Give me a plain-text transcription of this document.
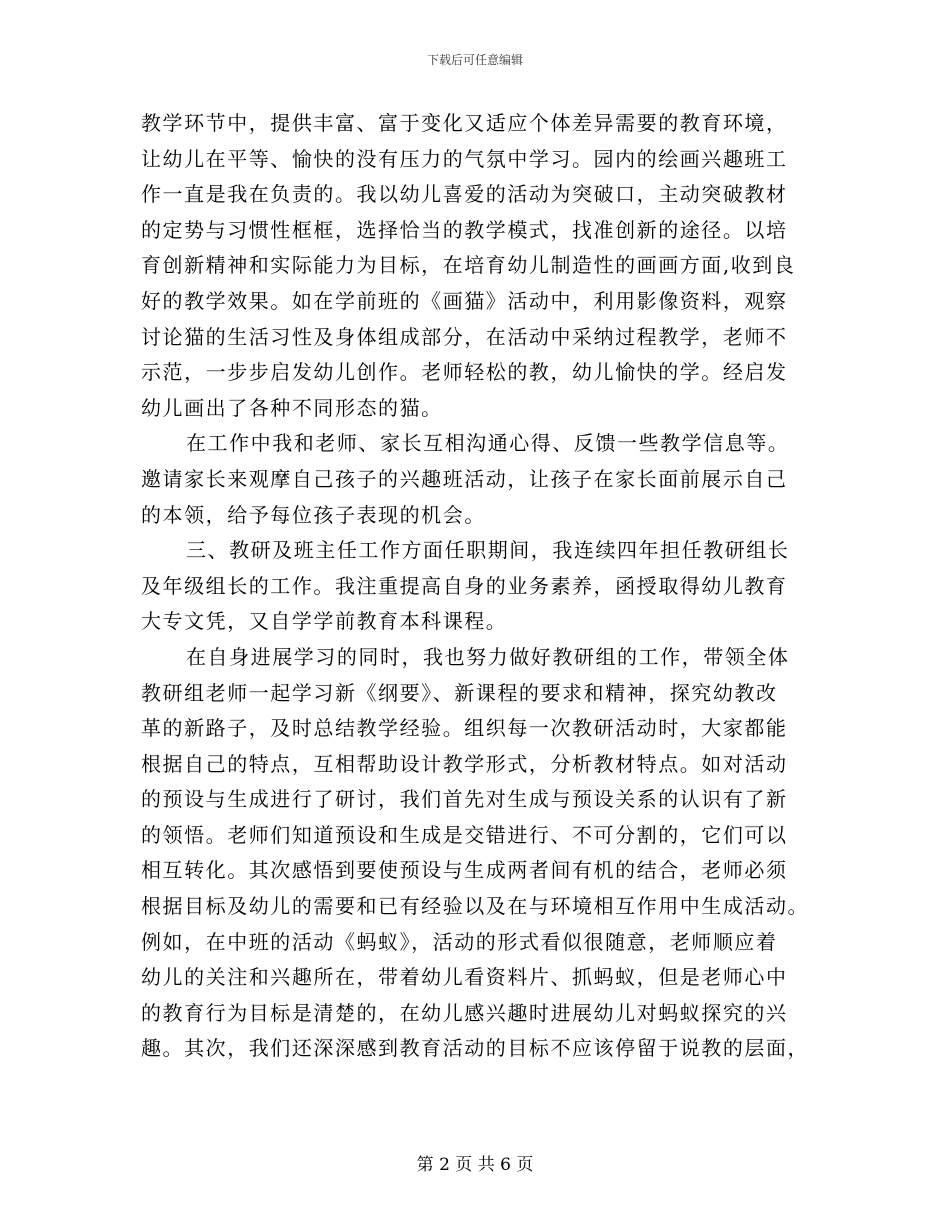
下载后可任意编辑
教学环节中，提供丰富、富于变化又适应个体差异需要的教育环境，
让幼儿在平等、愉快的没有压力的气氛中学习。园内的绘画兴趣班工
作一直是我在负责的。我以幼儿喜爱的活动为突破口，主动突破教材
的定势与习惯性框框，选择恰当的教学模式，找准创新的途径。以培
育创新精神和实际能力为目标，在培育幼儿制造性的画画方面,收到良
好的教学效果。如在学前班的《画猫》活动中，利用影像资料，观察
讨论猫的生活习性及身体组成部分，在活动中采纳过程教学，老师不
示范，一步步启发幼儿创作。老师轻松的教，幼儿愉快的学。经启发
幼儿画出了各种不同形态的猫。
在工作中我和老师、家长互相沟通心得、反馈一些教学信息等。
邀请家长来观摩自己孩子的兴趣班活动，让孩子在家长面前展示自己
的本领，给予每位孩子表现的机会。
三、教研及班主任工作方面任职期间，我连续四年担任教研组长
及年级组长的工作。我注重提高自身的业务素养，函授取得幼儿教育
大专文凭，又自学学前教育本科课程。
在自身进展学习的同时，我也努力做好教研组的工作，带领全体
教研组老师一起学习新《纲要》、新课程的要求和精神，探究幼教改
革的新路子，及时总结教学经验。组织每一次教研活动时，大家都能
根据自己的特点，互相帮助设计教学形式，分析教材特点。如对活动
的预设与生成进行了研讨，我们首先对生成与预设关系的认识有了新
的领悟。老师们知道预设和生成是交错进行、不可分割的，它们可以
相互转化。其次感悟到要使预设与生成两者间有机的结合，老师必须
根据目标及幼儿的需要和已有经验以及在与环境相互作用中生成活动。
例如，在中班的活动《蚂蚁》，活动的形式看似很随意，老师顺应着
幼儿的关注和兴趣所在，带着幼儿看资料片、抓蚂蚁，但是老师心中
的教育行为目标是清楚的，在幼儿感兴趣时进展幼儿对蚂蚁探究的兴
趣。其次，我们还深深感到教育活动的目标不应该停留于说教的层面，
第 2 页 共 6 页
